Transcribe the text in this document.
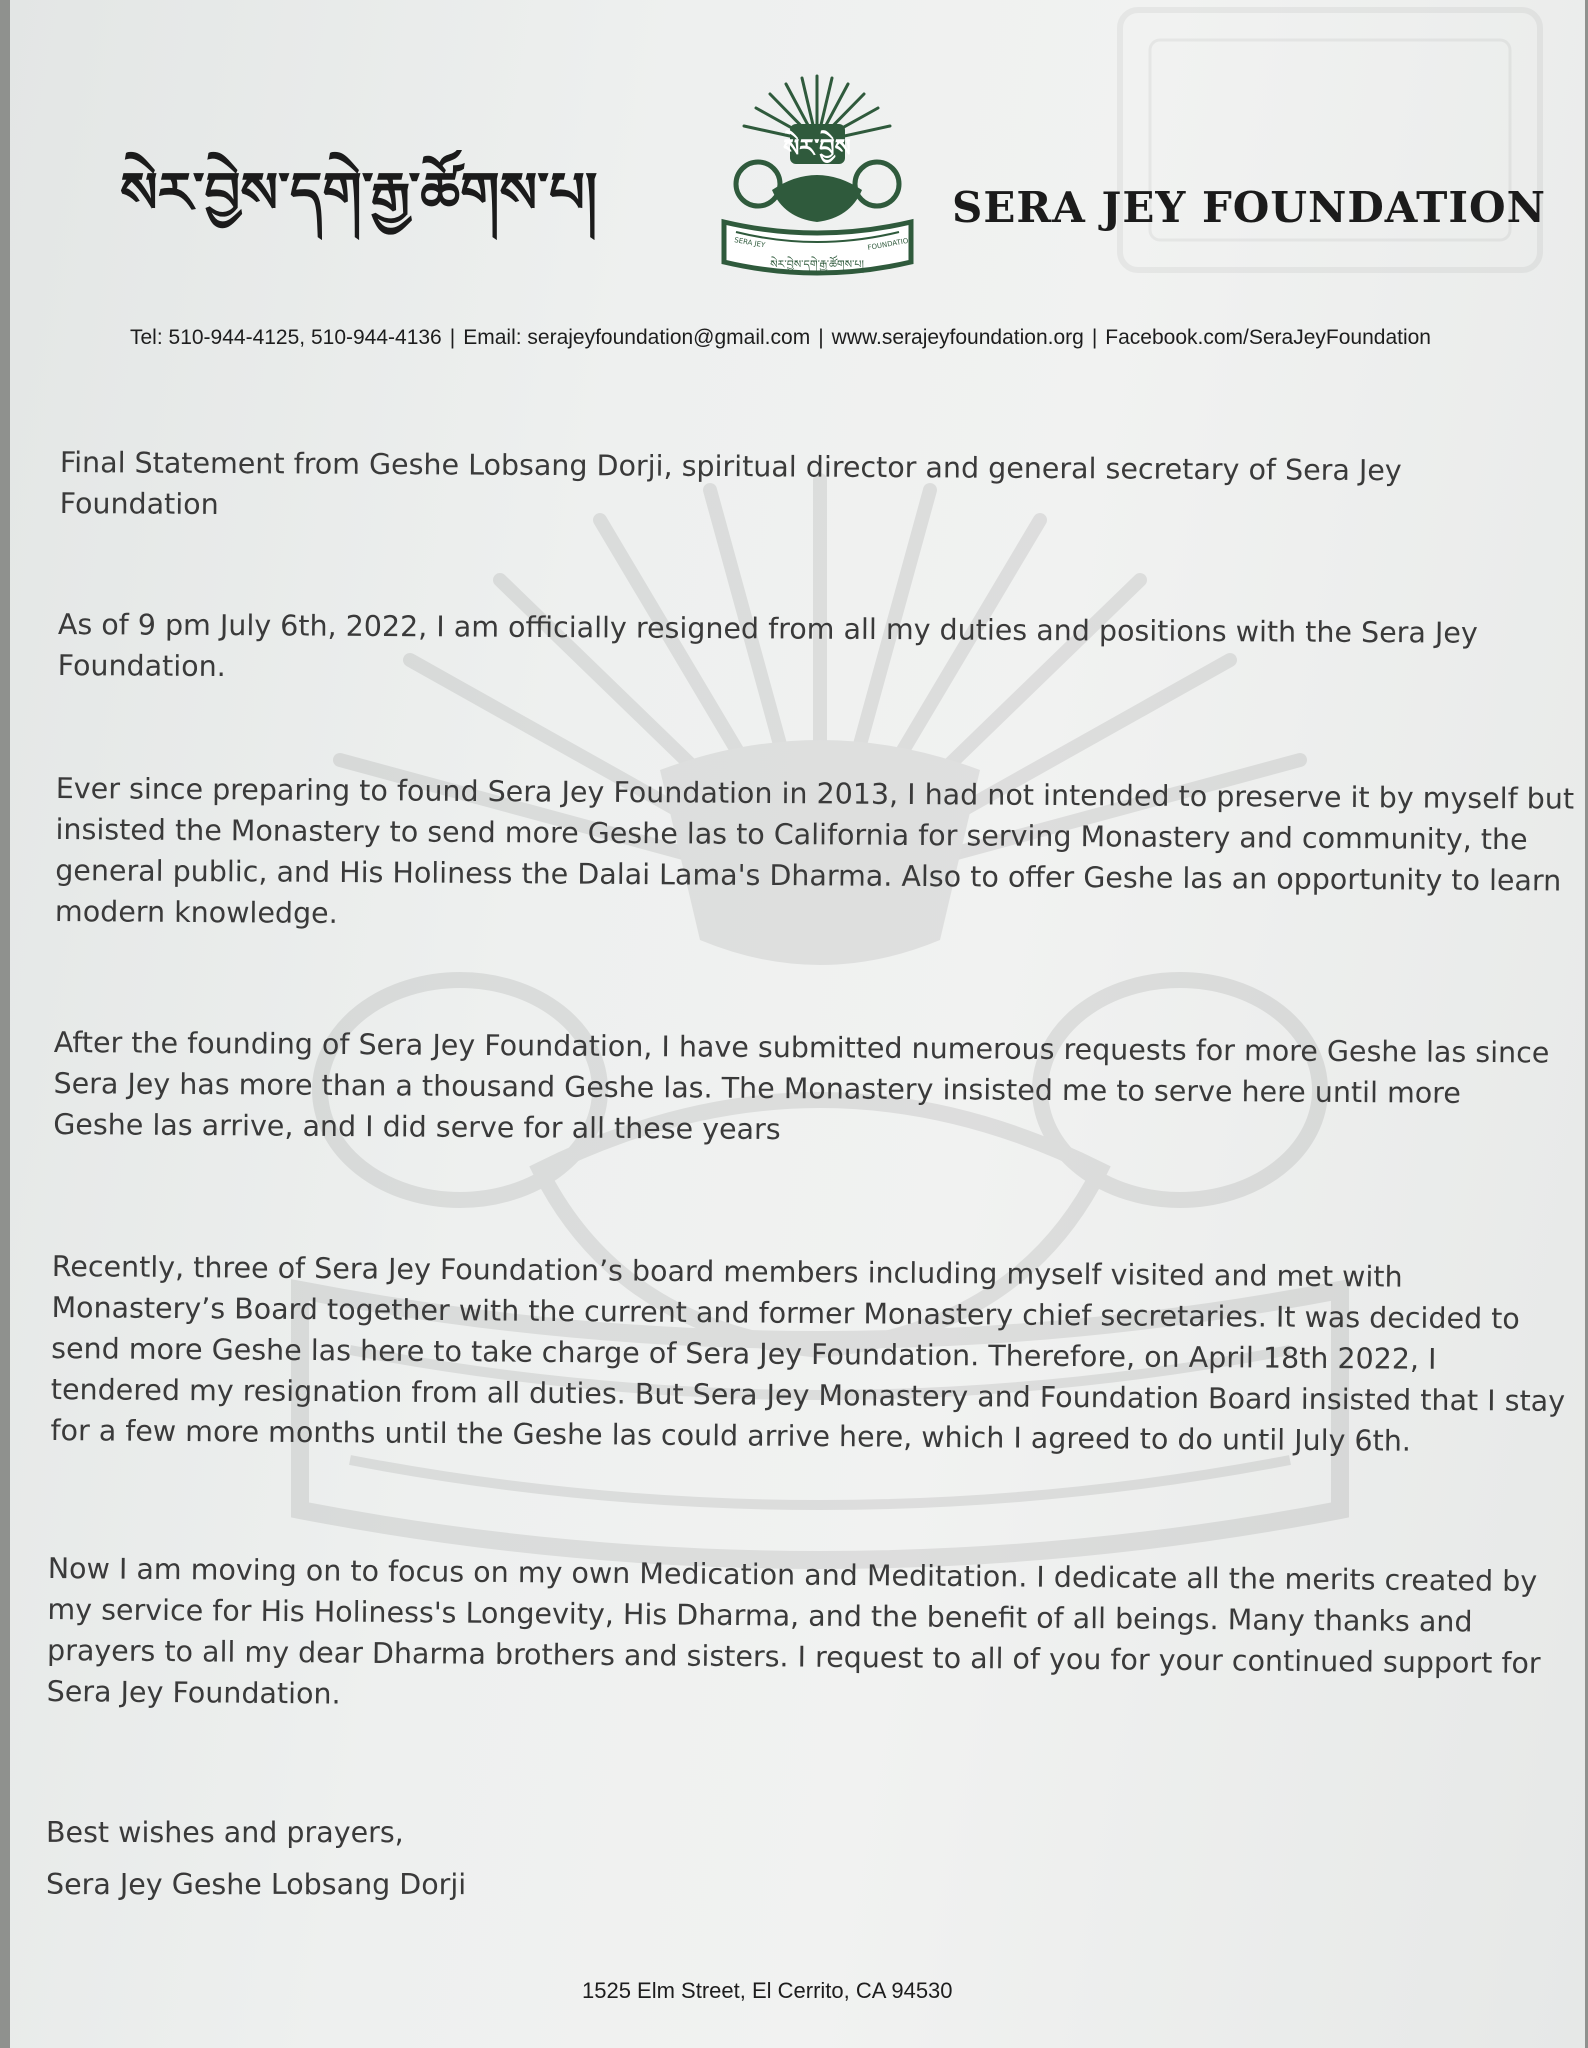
སེར་བྱེས་དགེ་རྒྱ་ཚོགས་པ།
སེར་བྱེས
SERA JEY	FOUNDATION
སེར་བྱེས་དགེ་རྒྱ་ཚོགས་པ།
SERA JEY FOUNDATION
Tel: 510-944-4125, 510-944-4136 | Email: serajeyfoundation@gmail.com | www.serajeyfoundation.org | Facebook.com/SeraJeyFoundation
Final Statement from Geshe Lobsang Dorji, spiritual director and general secretary of Sera Jey Foundation
As of 9 pm July 6th, 2022, I am officially resigned from all my duties and positions with the Sera Jey Foundation.
Ever since preparing to found Sera Jey Foundation in 2013, I had not intended to preserve it by myself but insisted the Monastery to send more Geshe las to California for serving Monastery and community, the general public, and His Holiness the Dalai Lama's Dharma. Also to offer Geshe las an opportunity to learn modern knowledge.
After the founding of Sera Jey Foundation, I have submitted numerous requests for more Geshe las since Sera Jey has more than a thousand Geshe las. The Monastery insisted me to serve here until more Geshe las arrive, and I did serve for all these years
Recently, three of Sera Jey Foundation’s board members including myself visited and met with Monastery’s Board together with the current and former Monastery chief secretaries. It was decided to send more Geshe las here to take charge of Sera Jey Foundation. Therefore, on April 18th 2022, I tendered my resignation from all duties. But Sera Jey Monastery and Foundation Board insisted that I stay for a few more months until the Geshe las could arrive here, which I agreed to do until July 6th.
Now I am moving on to focus on my own Medication and Meditation. I dedicate all the merits created by my service for His Holiness's Longevity, His Dharma, and the benefit of all beings. Many thanks and prayers to all my dear Dharma brothers and sisters. I request to all of you for your continued support for Sera Jey Foundation.
Best wishes and prayers,
Sera Jey Geshe Lobsang Dorji
1525 Elm Street, El Cerrito, CA 94530
